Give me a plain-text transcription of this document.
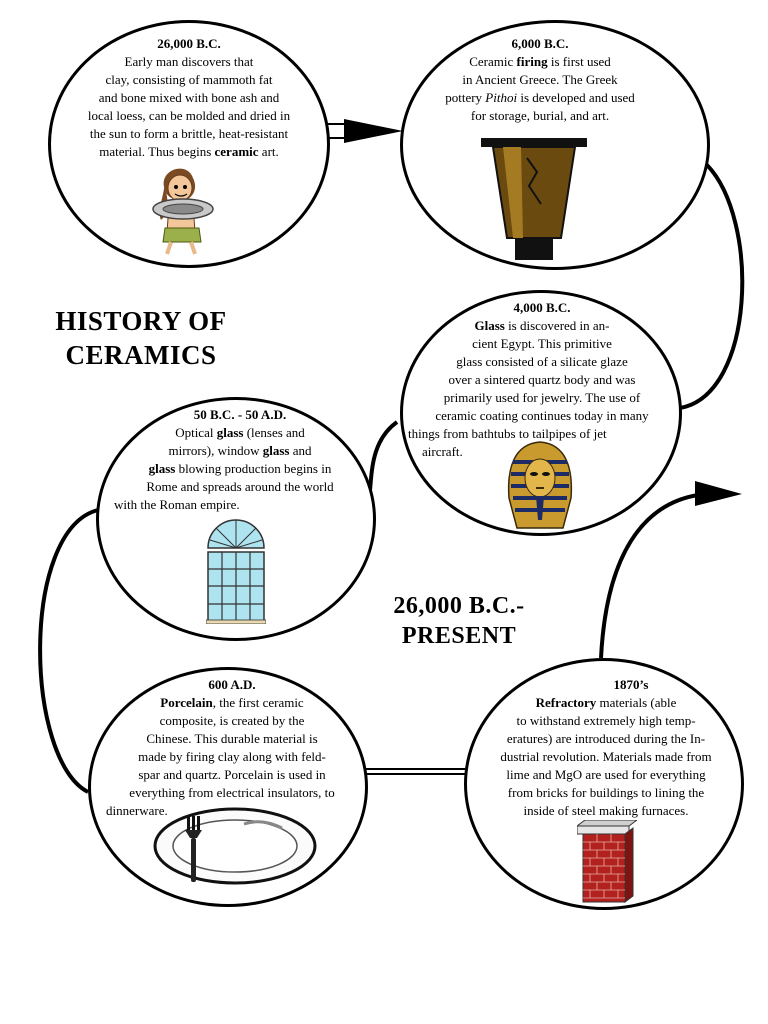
HISTORY OF
CERAMICS
26,000 B.C.-
PRESENT
26,000 B.C.
Early man discovers that
clay, consisting of mammoth fat
and bone mixed with bone ash and
local loess, can be molded and dried in
the sun to form a brittle, heat-resistant
material. Thus begins ceramic art.
6,000 B.C.
Ceramic firing is first used
in Ancient Greece. The Greek
pottery Pithoi is developed and used
for storage, burial, and art.
4,000 B.C.
Glass is discovered in an-
cient Egypt. This primitive
glass consisted of a silicate glaze
over a sintered quartz body and was
primarily used for jewelry. The use of
ceramic coating continues today in many
things from bathtubs to tailpipes of jet
aircraft.
50 B.C. - 50 A.D.
Optical glass (lenses and
mirrors), window glass and
glass blowing production begins in
Rome and spreads around the world
with the Roman empire.
600 A.D.
Porcelain, the first ceramic
composite, is created by the
Chinese. This durable material is
made by firing clay along with feld-
spar and quartz. Porcelain is used in
everything from electrical insulators, to
dinnerware.
1870’s
Refractory materials (able
to withstand extremely high temp-
eratures) are introduced during the In-
dustrial revolution. Materials made from
lime and MgO are used for everything
from bricks for buildings to lining the
inside of steel making furnaces.
